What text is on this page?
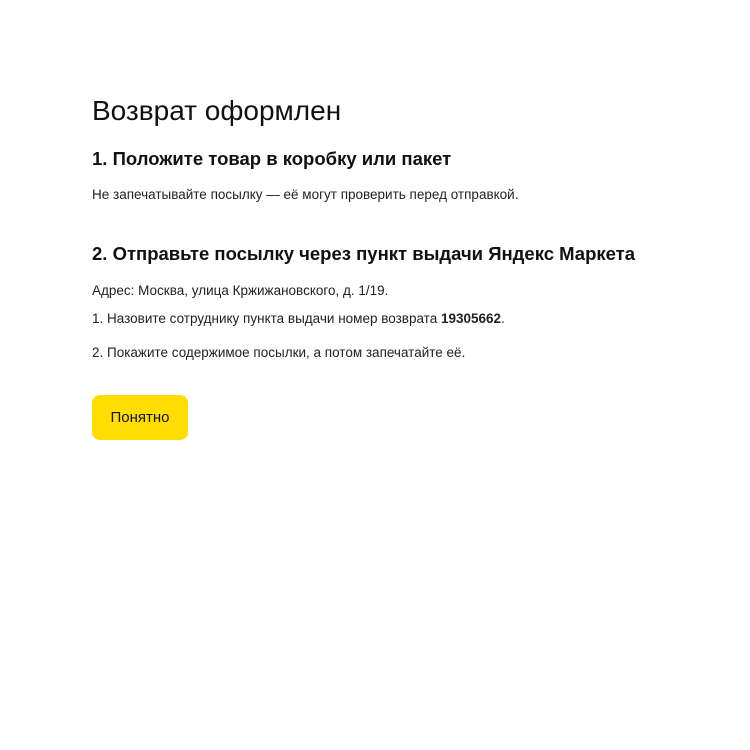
Возврат оформлен
1. Положите товар в коробку или пакет

Не запечатывайте посылку — её могут проверить перед отправкой.

2. Отправьте посылку через пункт выдачи Яндекс Маркета

Адрес: Москва, улица Кржижановского, д. 1/19.

1. Назовите сотруднику пункта выдачи номер возврата 19305662.

2. Покажите содержимое посылки, а потом запечатайте её.

Понятно
